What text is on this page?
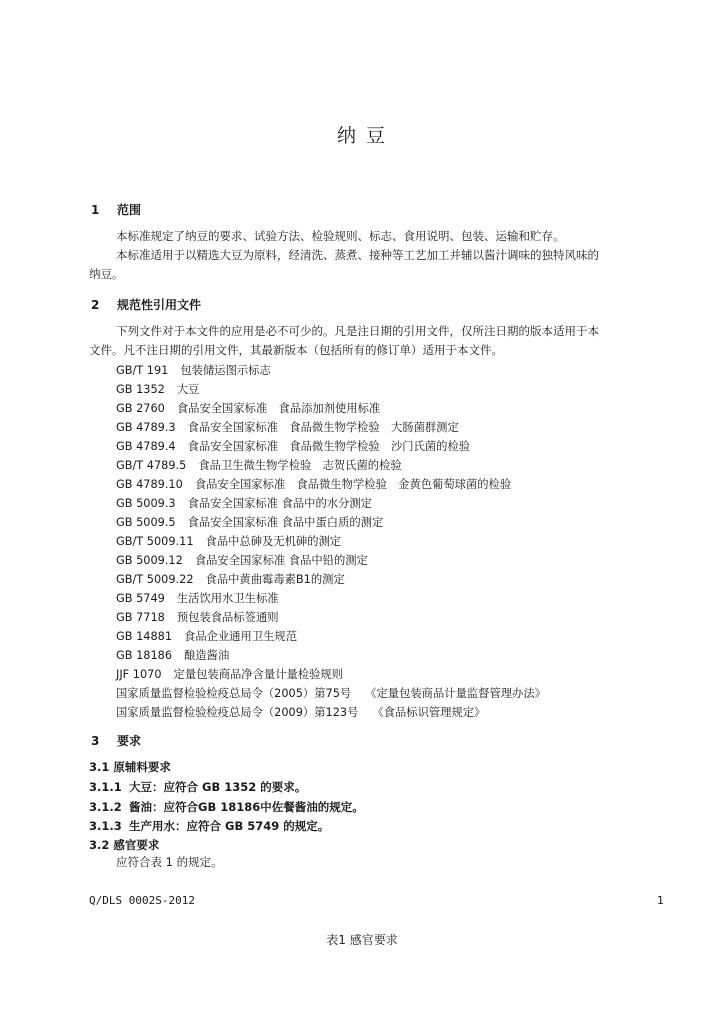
纳 豆
1 范围
本标准规定了纳豆的要求、试验方法、检验规则、标志、食用说明、包装、运输和贮存。
本标准适用于以精选大豆为原料，经清洗、蒸煮、接种等工艺加工并辅以酱汁调味的独特风味的
纳豆。
2 规范性引用文件
下列文件对于本文件的应用是必不可少的。凡是注日期的引用文件，仅所注日期的版本适用于本
文件。凡不注日期的引用文件，其最新版本（包括所有的修订单）适用于本文件。
GB/T 191 包装储运图示标志
GB 1352 大豆
GB 2760 食品安全国家标准　食品添加剂使用标准
GB 4789.3 食品安全国家标准　食品微生物学检验　大肠菌群测定
GB 4789.4 食品安全国家标准　食品微生物学检验　沙门氏菌的检验
GB/T 4789.5 食品卫生微生物学检验　志贺氏菌的检验
GB 4789.10 食品安全国家标准　食品微生物学检验　金黄色葡萄球菌的检验
GB 5009.3 食品安全国家标准 食品中的水分测定
GB 5009.5 食品安全国家标准 食品中蛋白质的测定
GB/T 5009.11 食品中总砷及无机砷的测定
GB 5009.12 食品安全国家标准 食品中铅的测定
GB/T 5009.22 食品中黄曲霉毒素B1的测定
GB 5749 生活饮用水卫生标准
GB 7718 预包装食品标签通则
GB 14881 食品企业通用卫生规范
GB 18186 酿造酱油
JJF 1070 定量包装商品净含量计量检验规则
国家质量监督检验检疫总局令（2005）第75号 《定量包装商品计量监督管理办法》
国家质量监督检验检疫总局令（2009）第123号 《食品标识管理规定》
3 要求
3.1 原辅料要求
3.1.1 大豆：应符合 GB 1352 的要求。
3.1.2 酱油：应符合GB 18186中佐餐酱油的规定。
3.1.3 生产用水：应符合 GB 5749 的规定。
3.2 感官要求
应符合表 1 的规定。
Q/DLS 0002S-2012	1
表1 感官要求
